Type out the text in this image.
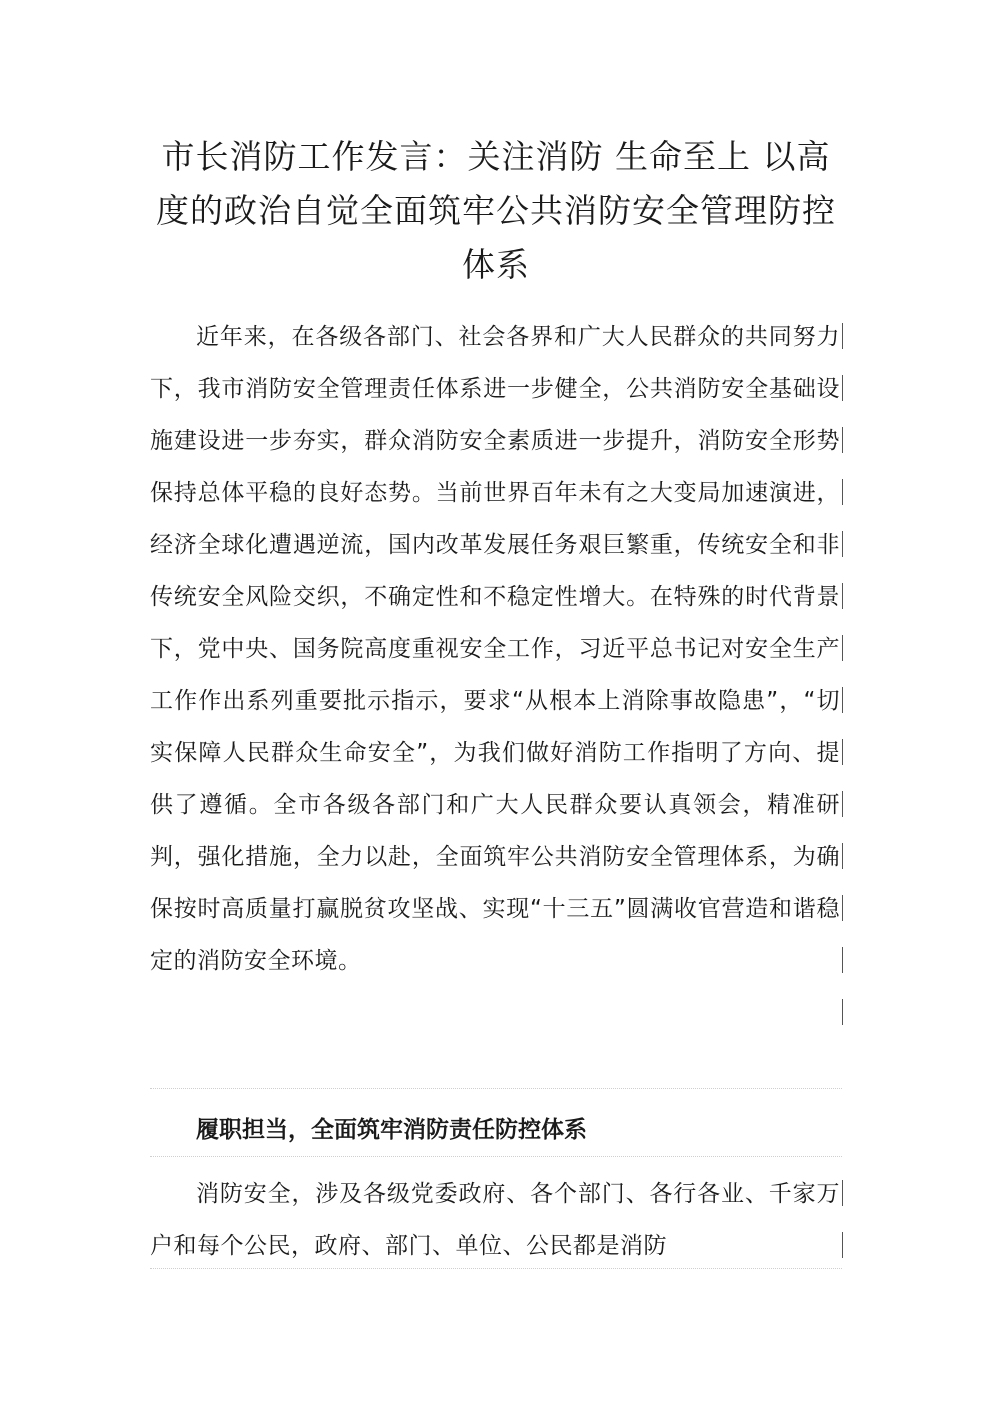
市长消防工作发言：关注消防 生命至上 以高度的政治自觉全面筑牢公共消防安全管理防控体系

近年来，在各级各部门、社会各界和广大人民群众的共同努力下，我市消防安全管理责任体系进一步健全，公共消防安全基础设施建设进一步夯实，群众消防安全素质进一步提升，消防安全形势保持总体平稳的良好态势。当前世界百年未有之大变局加速演进，经济全球化遭遇逆流，国内改革发展任务艰巨繁重，传统安全和非传统安全风险交织，不确定性和不稳定性增大。在特殊的时代背景下，党中央、国务院高度重视安全工作，习近平总书记对安全生产工作作出系列重要批示指示，要求“从根本上消除事故隐患”，“切实保障人民群众生命安全”，为我们做好消防工作指明了方向、提供了遵循。全市各级各部门和广大人民群众要认真领会，精准研判，强化措施，全力以赴，全面筑牢公共消防安全管理体系，为确保按时高质量打赢脱贫攻坚战、实现“十三五”圆满收官营造和谐稳定的消防安全环境。

履职担当，全面筑牢消防责任防控体系

消防安全，涉及各级党委政府、各个部门、各行各业、千家万户和每个公民，政府、部门、单位、公民都是消防
